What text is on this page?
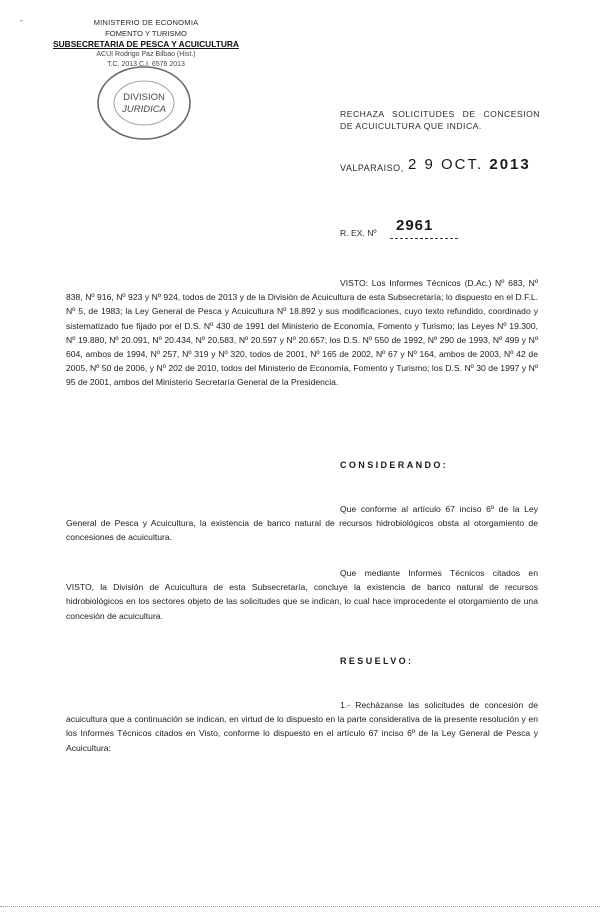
-	MINISTERIO DE ECONOMIA
FOMENTO Y TURISMO
SUBSECRETARIA DE PESCA Y ACUICULTURA
ACUI Rodrigo Paz Bilbao (Hist.)
T.C. 2013 C.I. 6576 2013
DIVISION
JURIDICA	RECHAZA SOLICITUDES DE CONCESION DE ACUICULTURA QUE INDICA.
VALPARAISO, 2 9 OCT. 2013
R. EX. Nº 2961
VISTO: Los Informes Técnicos (D.Ac.) Nº 683, Nº 838, Nº 916, Nº 923 y Nº 924, todos de 2013 y de la División de Acuicultura de esta Subsecretaría; lo dispuesto en el D.F.L. Nº 5, de 1983; la Ley General de Pesca y Acuicultura Nº 18.892 y sus modificaciones, cuyo texto refundido, coordinado y sistematizado fue fijado por el D.S. Nº 430 de 1991 del Ministerio de Economía, Fomento y Turismo; las Leyes Nº 19.300, Nº 19.880, Nº 20.091, Nº 20.434, Nº 20.583, Nº 20.597 y Nº 20.657; los D.S. Nº 550 de 1992, Nº 290 de 1993, Nº 499 y Nº 604, ambos de 1994, Nº 257, Nº 319 y Nº 320, todos de 2001, Nº 165 de 2002, Nº 67 y Nº 164, ambos de 2003, Nº 42 de 2005, Nº 50 de 2006, y Nº 202 de 2010, todos del Ministerio de Economía, Fomento y Turismo; los D.S. Nº 30 de 1997 y Nº 95 de 2001, ambos del Ministerio Secretaría General de la Presidencia.
CONSIDERANDO:
Que conforme al artículo 67 inciso 6º de la Ley General de Pesca y Acuicultura, la existencia de banco natural de recursos hidrobiológicos obsta al otorgamiento de concesiones de acuicultura.
Que mediante Informes Técnicos citados en VISTO, la División de Acuicultura de esta Subsecretaría, concluye la existencia de banco natural de recursos hidrobiológicos en los sectores objeto de las solicitudes que se indican, lo cual hace improcedente el otorgamiento de una concesión de acuicultura.
RESUELVO:
1.- Recházanse las solicitudes de concesión de acuicultura que a continuación se indican, en virtud de lo dispuesto en la parte considerativa de la presente resolución y en los Informes Técnicos citados en Visto, conforme lo dispuesto en el artículo 67 inciso 6º de la Ley General de Pesca y Acuicultura:
